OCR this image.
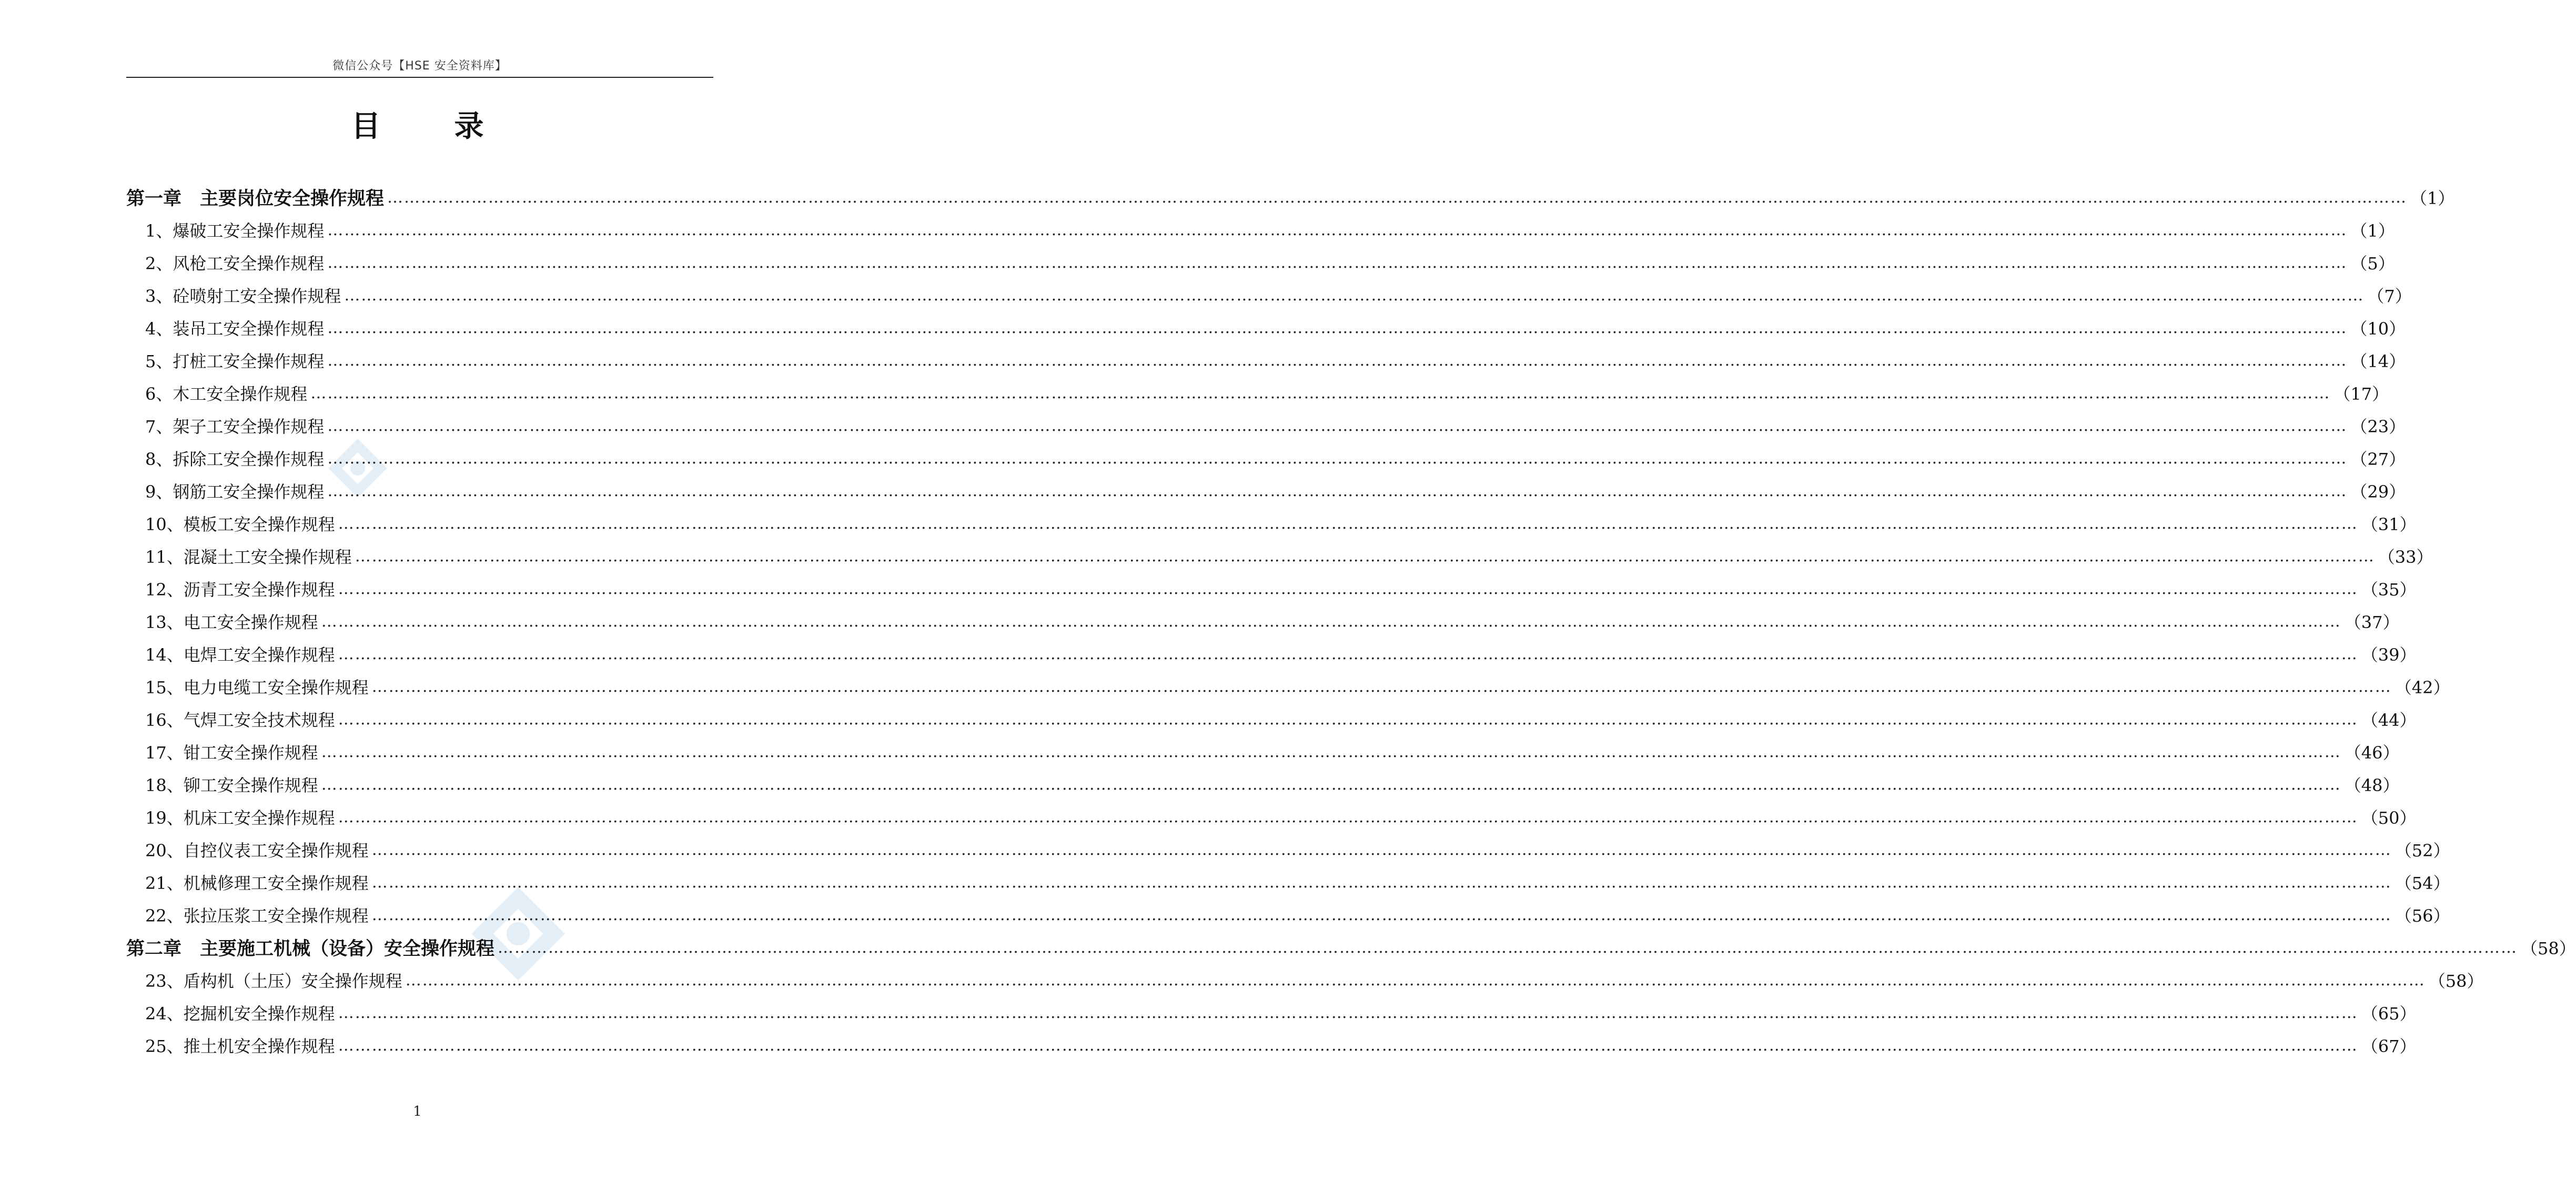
微信公众号【HSE 安全资料库】
目录
第一章　主要岗位安全操作规程 ……………………………………………………………………………………………………………………………………………………………………………………………………………………………………………………………………………………………………………………………… （1）
1、爆破工安全操作规程 ……………………………………………………………………………………………………………………………………………………………………………………………………………………………………………………………………………………………………………………………… （1）
2、风枪工安全操作规程 ……………………………………………………………………………………………………………………………………………………………………………………………………………………………………………………………………………………………………………………………… （5）
3、砼喷射工安全操作规程 ……………………………………………………………………………………………………………………………………………………………………………………………………………………………………………………………………………………………………………………………… （7）
4、装吊工安全操作规程 ……………………………………………………………………………………………………………………………………………………………………………………………………………………………………………………………………………………………………………………………… （10）
5、打桩工安全操作规程 ……………………………………………………………………………………………………………………………………………………………………………………………………………………………………………………………………………………………………………………………… （14）
6、木工安全操作规程 ……………………………………………………………………………………………………………………………………………………………………………………………………………………………………………………………………………………………………………………………… （17）
7、架子工安全操作规程 ……………………………………………………………………………………………………………………………………………………………………………………………………………………………………………………………………………………………………………………………… （23）
8、拆除工安全操作规程 ……………………………………………………………………………………………………………………………………………………………………………………………………………………………………………………………………………………………………………………………… （27）
9、钢筋工安全操作规程 ……………………………………………………………………………………………………………………………………………………………………………………………………………………………………………………………………………………………………………………………… （29）
10、模板工安全操作规程 ……………………………………………………………………………………………………………………………………………………………………………………………………………………………………………………………………………………………………………………………… （31）
11、混凝土工安全操作规程 ……………………………………………………………………………………………………………………………………………………………………………………………………………………………………………………………………………………………………………………………… （33）
12、沥青工安全操作规程 ……………………………………………………………………………………………………………………………………………………………………………………………………………………………………………………………………………………………………………………………… （35）
13、电工安全操作规程 ……………………………………………………………………………………………………………………………………………………………………………………………………………………………………………………………………………………………………………………………… （37）
14、电焊工安全操作规程 ……………………………………………………………………………………………………………………………………………………………………………………………………………………………………………………………………………………………………………………………… （39）
15、电力电缆工安全操作规程 ……………………………………………………………………………………………………………………………………………………………………………………………………………………………………………………………………………………………………………………………… （42）
16、气焊工安全技术规程 ……………………………………………………………………………………………………………………………………………………………………………………………………………………………………………………………………………………………………………………………… （44）
17、钳工安全操作规程 ……………………………………………………………………………………………………………………………………………………………………………………………………………………………………………………………………………………………………………………………… （46）
18、铆工安全操作规程 ……………………………………………………………………………………………………………………………………………………………………………………………………………………………………………………………………………………………………………………………… （48）
19、机床工安全操作规程 ……………………………………………………………………………………………………………………………………………………………………………………………………………………………………………………………………………………………………………………………… （50）
20、自控仪表工安全操作规程 ……………………………………………………………………………………………………………………………………………………………………………………………………………………………………………………………………………………………………………………………… （52）
21、机械修理工安全操作规程 ……………………………………………………………………………………………………………………………………………………………………………………………………………………………………………………………………………………………………………………………… （54）
22、张拉压浆工安全操作规程 ……………………………………………………………………………………………………………………………………………………………………………………………………………………………………………………………………………………………………………………………… （56）
第二章　主要施工机械（设备）安全操作规程 ……………………………………………………………………………………………………………………………………………………………………………………………………………………………………………………………………………………………………………………………… （58）
23、盾构机（土压）安全操作规程 ……………………………………………………………………………………………………………………………………………………………………………………………………………………………………………………………………………………………………………………………… （58）
24、挖掘机安全操作规程 ……………………………………………………………………………………………………………………………………………………………………………………………………………………………………………………………………………………………………………………………… （65）
25、推土机安全操作规程 ……………………………………………………………………………………………………………………………………………………………………………………………………………………………………………………………………………………………………………………………… （67）
1
